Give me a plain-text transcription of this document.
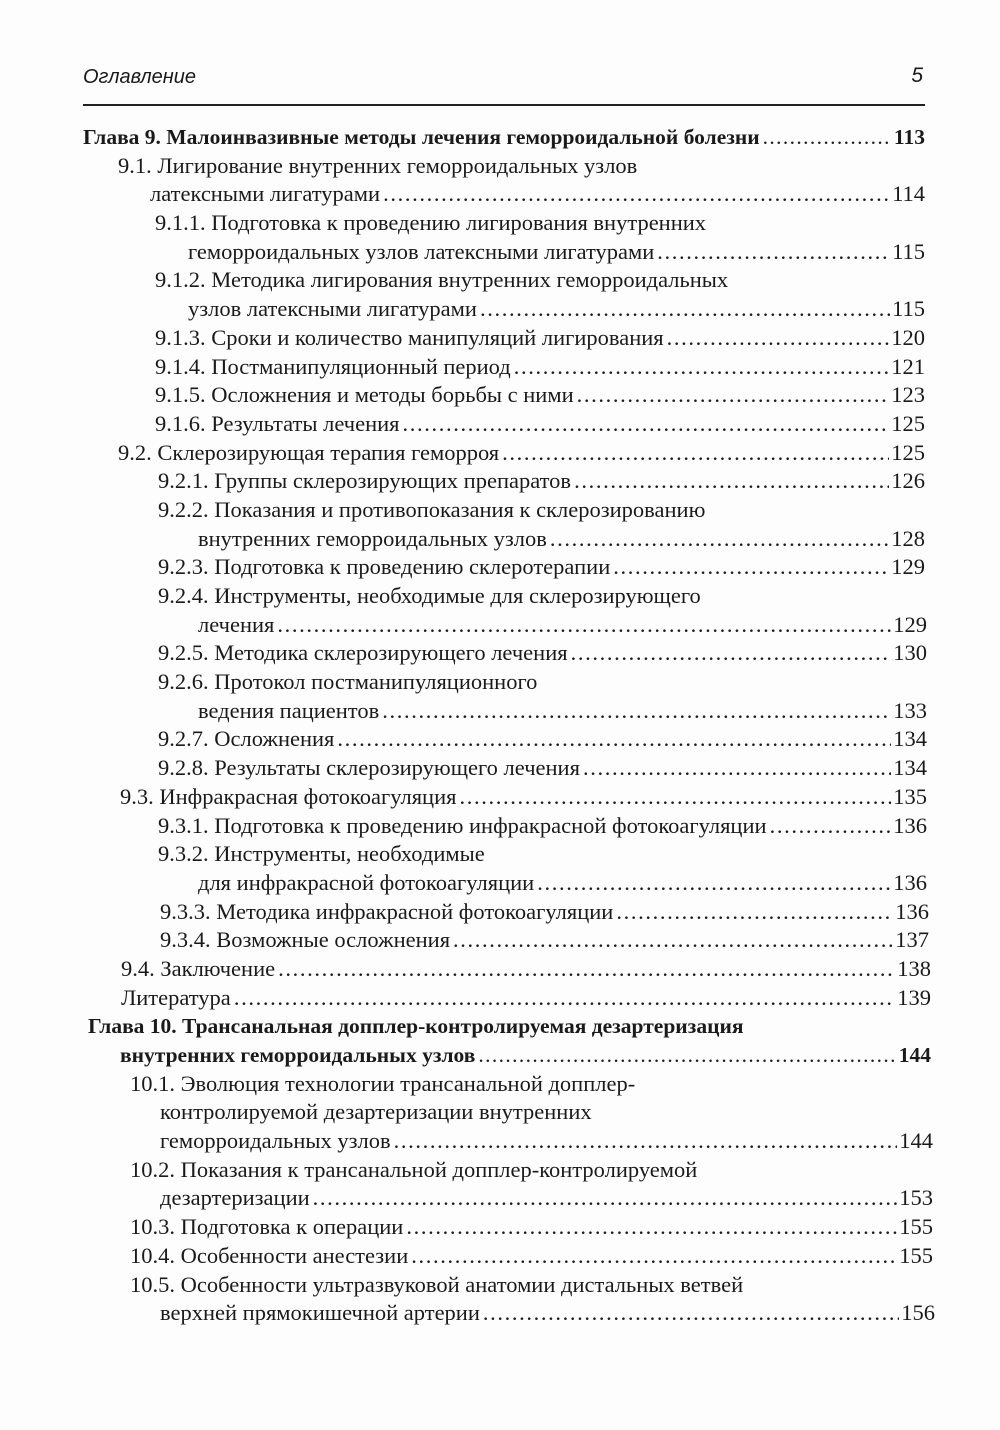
Оглавление	5
Глава 9. Малоинвазивные методы лечения геморроидальной болезни . . .	113
9.1. Лигирование внутренних геморроидальных узлов
латексными лигатурами . . .	114
9.1.1. Подготовка к проведению лигирования внутренних
геморроидальных узлов латексными лигатурами . . .	115
9.1.2. Методика лигирования внутренних геморроидальных
узлов латексными лигатурами . . .	115
9.1.3. Сроки и количество манипуляций лигирования . . .	120
9.1.4. Постманипуляционный период . . .	121
9.1.5. Осложнения и методы борьбы с ними . . .	123
9.1.6. Результаты лечения . . .	125
9.2. Склерозирующая терапия геморроя . . .	125
9.2.1. Группы склерозирующих препаратов . . .	126
9.2.2. Показания и противопоказания к склерозированию
внутренних геморроидальных узлов . . .	128
9.2.3. Подготовка к проведению склеротерапии . . .	129
9.2.4. Инструменты, необходимые для склерозирующего
лечения . . .	129
9.2.5. Методика склерозирующего лечения . . .	130
9.2.6. Протокол постманипуляционного
ведения пациентов . . .	133
9.2.7. Осложнения . . .	134
9.2.8. Результаты склерозирующего лечения . . .	134
9.3. Инфракрасная фотокоагуляция . . .	135
9.3.1. Подготовка к проведению инфракрасной фотокоагуляции . . .	136
9.3.2. Инструменты, необходимые
для инфракрасной фотокоагуляции . . .	136
9.3.3. Методика инфракрасной фотокоагуляции . . .	136
9.3.4. Возможные осложнения . . .	137
9.4. Заключение . . .	138
Литература . . .	139
Глава 10. Трансанальная допплер-контролируемая дезартеризация
внутренних геморроидальных узлов . . .	144
10.1. Эволюция технологии трансанальной допплер-
контролируемой дезартеризации внутренних
геморроидальных узлов . . .	144
10.2. Показания к трансанальной допплер-контролируемой
дезартеризации . . .	153
10.3. Подготовка к операции . . .	155
10.4. Особенности анестезии . . .	155
10.5. Особенности ультразвуковой анатомии дистальных ветвей
верхней прямокишечной артерии . . .	156
